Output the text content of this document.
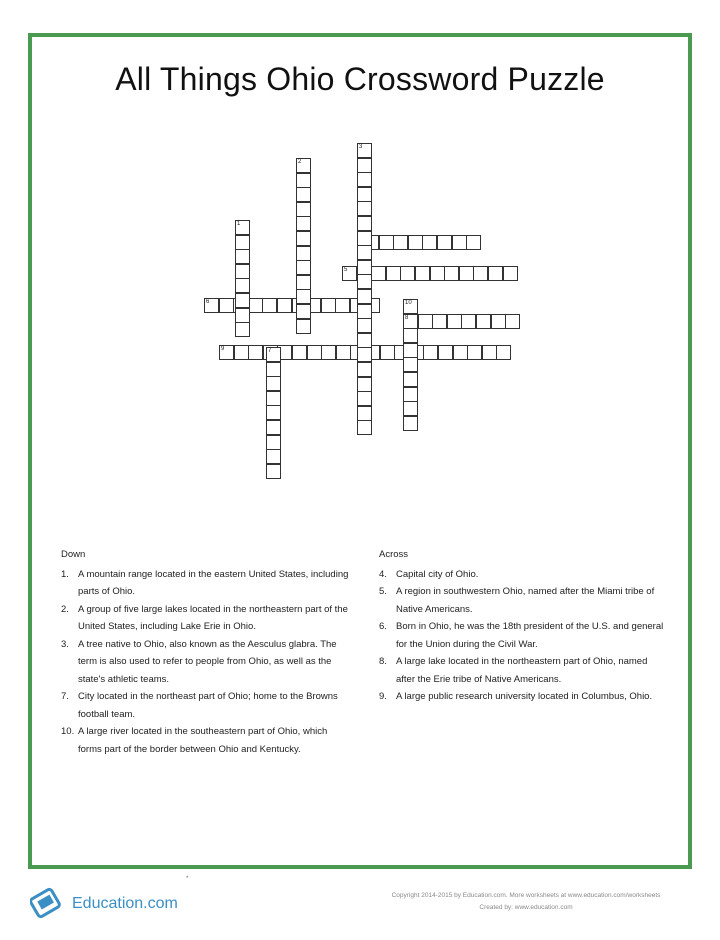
All Things Ohio Crossword Puzzle
5
6
8
9
1
2
3
7
10
Down
1. A mountain range located in the eastern United States, including parts of Ohio.
2. A group of five large lakes located in the northeastern part of the United States, including Lake Erie in Ohio.
3. A tree native to Ohio, also known as the Aesculus glabra. The term is also used to refer to people from Ohio, as well as the state's athletic teams.
7. City located in the northeast part of Ohio; home to the Browns football team.
10. A large river located in the southeastern part of Ohio, which forms part of the border between Ohio and Kentucky.
Across
4. Capital city of Ohio.
5. A region in southwestern Ohio, named after the Miami tribe of Native Americans.
6. Born in Ohio, he was the 18th president of the U.S. and general for the Union during the Civil War.
8. A large lake located in the northeastern part of Ohio, named after the Erie tribe of Native Americans.
9. A large public research university located in Columbus, Ohio.
*
Education.com	Copyright 2014-2015 by Education.com. More worksheets at www.education.com/worksheets
Created by: www.education.com
